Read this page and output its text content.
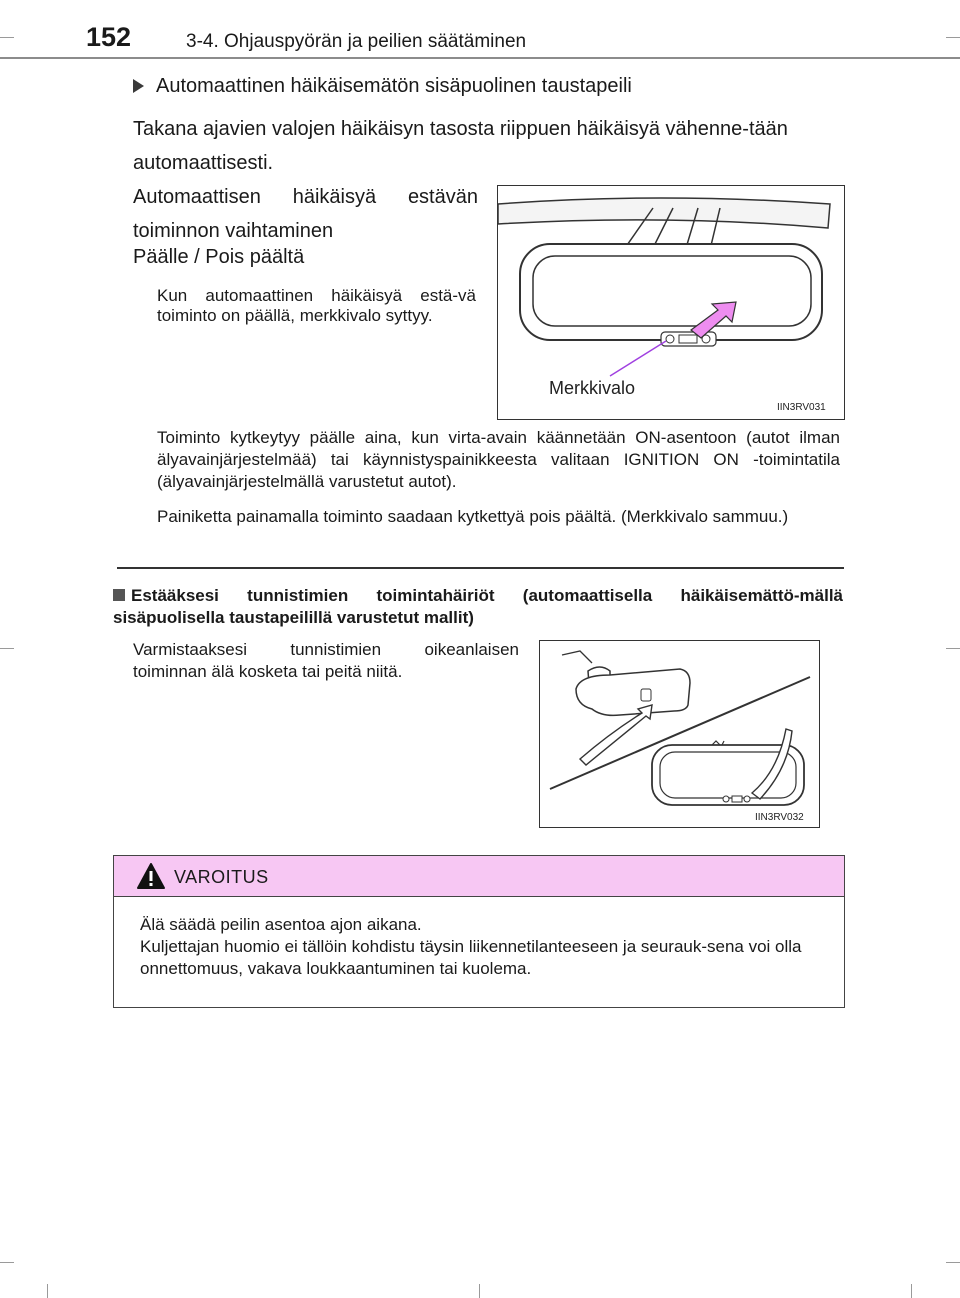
152	3-4. Ohjauspyörän ja peilien säätäminen
Automaattinen häikäisemätön sisäpuolinen taustapeili
Takana ajavien valojen häikäisyn tasosta riippuen häikäisyä vähenne-tään automaattisesti.
Automaattisen häikäisyä estävän toiminnon vaihtaminen
Päälle / Pois päältä
Kun automaattinen häikäisyä estä-vä toiminto on päällä, merkkivalo syttyy.
Merkkivalo
IIN3RV031
Toiminto kytkeytyy päälle aina, kun virta-avain käännetään ON-asentoon (autot ilman älyavainjärjestelmää) tai käynnistyspainikkeesta valitaan IGNITION ON -toimintatila (älyavainjärjestelmällä varustetut autot).
Painiketta painamalla toiminto saadaan kytkettyä pois päältä. (Merkkivalo sammuu.)
Estääksesi tunnistimien toimintahäiriöt (automaattisella häikäisemättö-mällä sisäpuolisella taustapeilillä varustetut mallit)
Varmistaaksesi tunnistimien oikeanlaisen toiminnan älä kosketa tai peitä niitä.
IIN3RV032
VAROITUS
Älä säädä peilin asentoa ajon aikana.
Kuljettajan huomio ei tällöin kohdistu täysin liikennetilanteeseen ja seurauk-sena voi olla onnettomuus, vakava loukkaantuminen tai kuolema.
